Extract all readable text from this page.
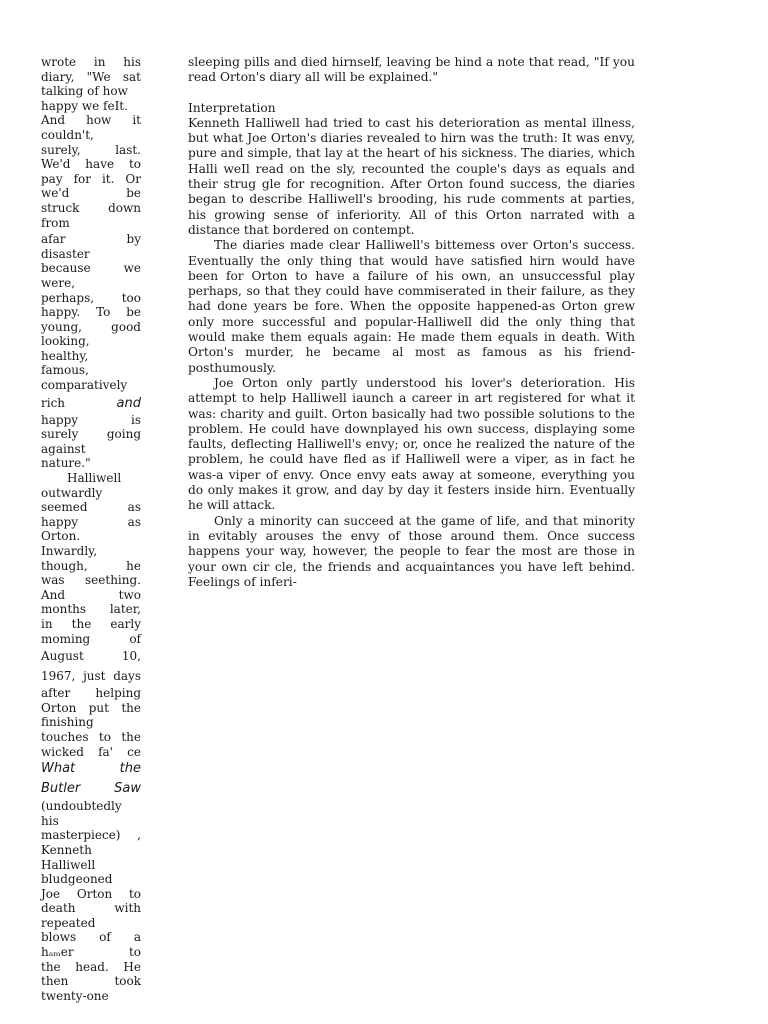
wrote in his
diary, "We sat
talking of how
happy we feIt.
And how it
couldn't,
surely, last.
We'd have to
pay for it. Or
we'd be
struck down
from
afar by
disaster
because we
were,
perhaps, too
happy. To be
young, good
looking,
healthy,
famous,
comparatively
rich	and
happy is
surely going
against
nature."
Halliwell
outwardly
seemed as
happy as
Orton.
Inwardly,
though, he
was seething.
And two
months later,
in the early
moming of
August 10,
1967, just days
after helping
Orton put the
finishing
touches to the
wicked fa' ce
What the
Butler Saw
(undoubtedly
his
masterpiece) ,
Kenneth
Halliwell
bludgeoned
Joe Orton to
death with
repeated
blows of a
hₐₘer to
the head. He
then took
twenty-one

sleeping pills and died hirnself, leaving be hind a note that read, "If you read Orton's diary all will be explained."

Interpretation

Kenneth Halliwell had tried to cast his deterioration as mental illness, but what Joe Orton's diaries revealed to hirn was the truth: It was envy, pure and simple, that lay at the heart of his sickness. The diaries, which Halli weIl read on the sly, recounted the couple's days as equals and their strug gle for recognition. After Orton found success, the diaries began to describe Halliwell's brooding, his rude comments at parties, his growing sense of inferiority. All of this Orton narrated with a distance that bordered on contempt.

The diaries made clear Halliwell's bittemess over Orton's success. Eventually the only thing that would have satisfied hirn would have been for Orton to have a failure of his own, an unsuccessful play perhaps, so that they could have commiserated in their failure, as they had done years be fore. When the opposite happened-as Orton grew only more successful and popular-Halliwell did the only thing that would make them equals again: He made them equals in death. With Orton's murder, he became al most as famous as his friend-posthumously.

Joe Orton only partly understood his lover's deterioration. His attempt to help Halliwell iaunch a career in art registered for what it was: charity and guilt. Orton basically had two possible solutions to the problem. He could have downplayed his own success, displaying some faults, deflecting Halliwell's envy; or, once he realized the nature of the problem, he could have fled as if Halliwell were a viper, as in fact he was-a viper of envy. Once envy eats away at someone, everything you do only makes it grow, and day by day it festers inside hirn. Eventually he will attack.

Only a minority can succeed at the game of life, and that minority in evitably arouses the envy of those around them. Once success happens your way, however, the people to fear the most are those in your own cir cle, the friends and acquaintances you have left behind. Feelings of inferi-
